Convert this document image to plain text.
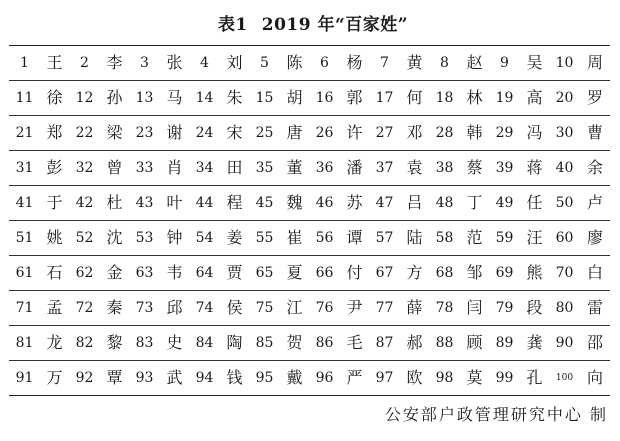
表1 2019 年“百家姓”
1	王	2	李	3	张	4	刘	5	陈	6	杨	7	黄	8	赵	9	吴	10	周
11	徐	12	孙	13	马	14	朱	15	胡	16	郭	17	何	18	林	19	高	20	罗
21	郑	22	梁	23	谢	24	宋	25	唐	26	许	27	邓	28	韩	29	冯	30	曹
31	彭	32	曾	33	肖	34	田	35	董	36	潘	37	袁	38	蔡	39	蒋	40	余
41	于	42	杜	43	叶	44	程	45	魏	46	苏	47	吕	48	丁	49	任	50	卢
51	姚	52	沈	53	钟	54	姜	55	崔	56	谭	57	陆	58	范	59	汪	60	廖
61	石	62	金	63	韦	64	贾	65	夏	66	付	67	方	68	邹	69	熊	70	白
71	孟	72	秦	73	邱	74	侯	75	江	76	尹	77	薛	78	闫	79	段	80	雷
81	龙	82	黎	83	史	84	陶	85	贺	86	毛	87	郝	88	顾	89	龚	90	邵
91	万	92	覃	93	武	94	钱	95	戴	96	严	97	欧	98	莫	99	孔	100	向
公安部户政管理研究中心 制
